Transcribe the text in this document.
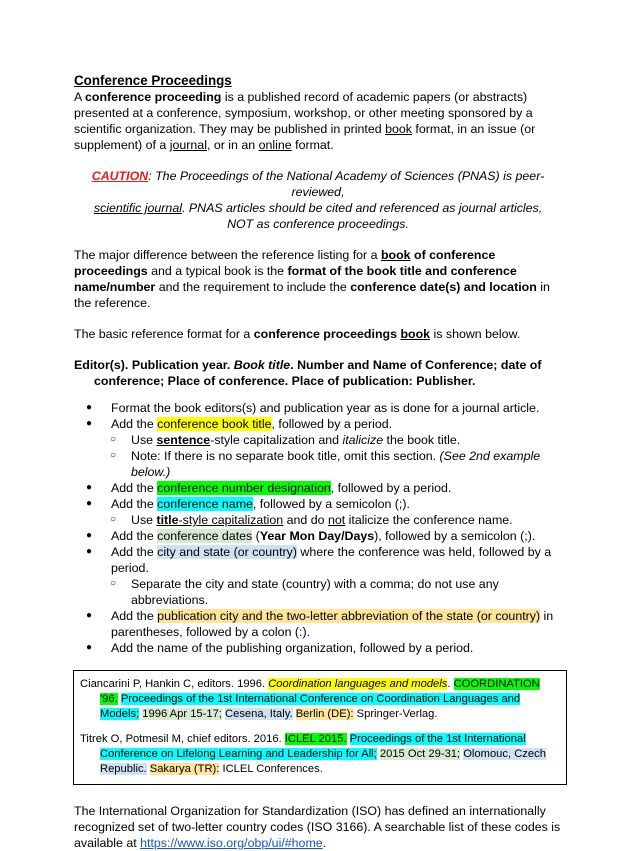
Conference Proceedings

A conference proceeding is a published record of academic papers (or abstracts) presented at a conference, symposium, workshop, or other meeting sponsored by a scientific organization. They may be published in printed book format, in an issue (or supplement) of a journal, or in an online format.

CAUTION: The Proceedings of the National Academy of Sciences (PNAS) is peer-reviewed,
scientific journal. PNAS articles should be cited and referenced as journal articles,
NOT as conference proceedings.

The major difference between the reference listing for a book of conference proceedings and a typical book is the format of the book title and conference name/number and the requirement to include the conference date(s) and location in the reference.

The basic reference format for a conference proceedings book is shown below.

Editor(s). Publication year. Book title. Number and Name of Conference; date of conference; Place of conference. Place of publication: Publisher.

● Format the book editors(s) and publication year as is done for a journal article.
● Add the conference book title, followed by a period.
○ Use sentence-style capitalization and italicize the book title.
○ Note: If there is no separate book title, omit this section. (See 2nd example below.)
● Add the conference number designation, followed by a period.
● Add the conference name, followed by a semicolon (;).
○ Use title-style capitalization and do not italicize the conference name.
● Add the conference dates (Year Mon Day/Days), followed by a semicolon (;).
● Add the city and state (or country) where the conference was held, followed by a period.
○ Separate the city and state (country) with a comma; do not use any abbreviations.
● Add the publication city and the two-letter abbreviation of the state (or country) in parentheses, followed by a colon (:).
● Add the name of the publishing organization, followed by a period.

Ciancarini P, Hankin C, editors. 1996. Coordination languages and models. COORDINATION '96. Proceedings of the 1st International Conference on Coordination Languages and Models; 1996 Apr 15-17; Cesena, Italy. Berlin (DE): Springer-Verlag.

Titrek O, Potmesil M, chief editors. 2016. ICLEL 2015. Proceedings of the 1st International Conference on Lifelong Learning and Leadership for All; 2015 Oct 29-31; Olomouc, Czech Republic. Sakarya (TR): ICLEL Conferences.

The International Organization for Standardization (ISO) has defined an internationally recognized set of two-letter country codes (ISO 3166). A searchable list of these codes is available at https://www.iso.org/obp/ui/#home.
